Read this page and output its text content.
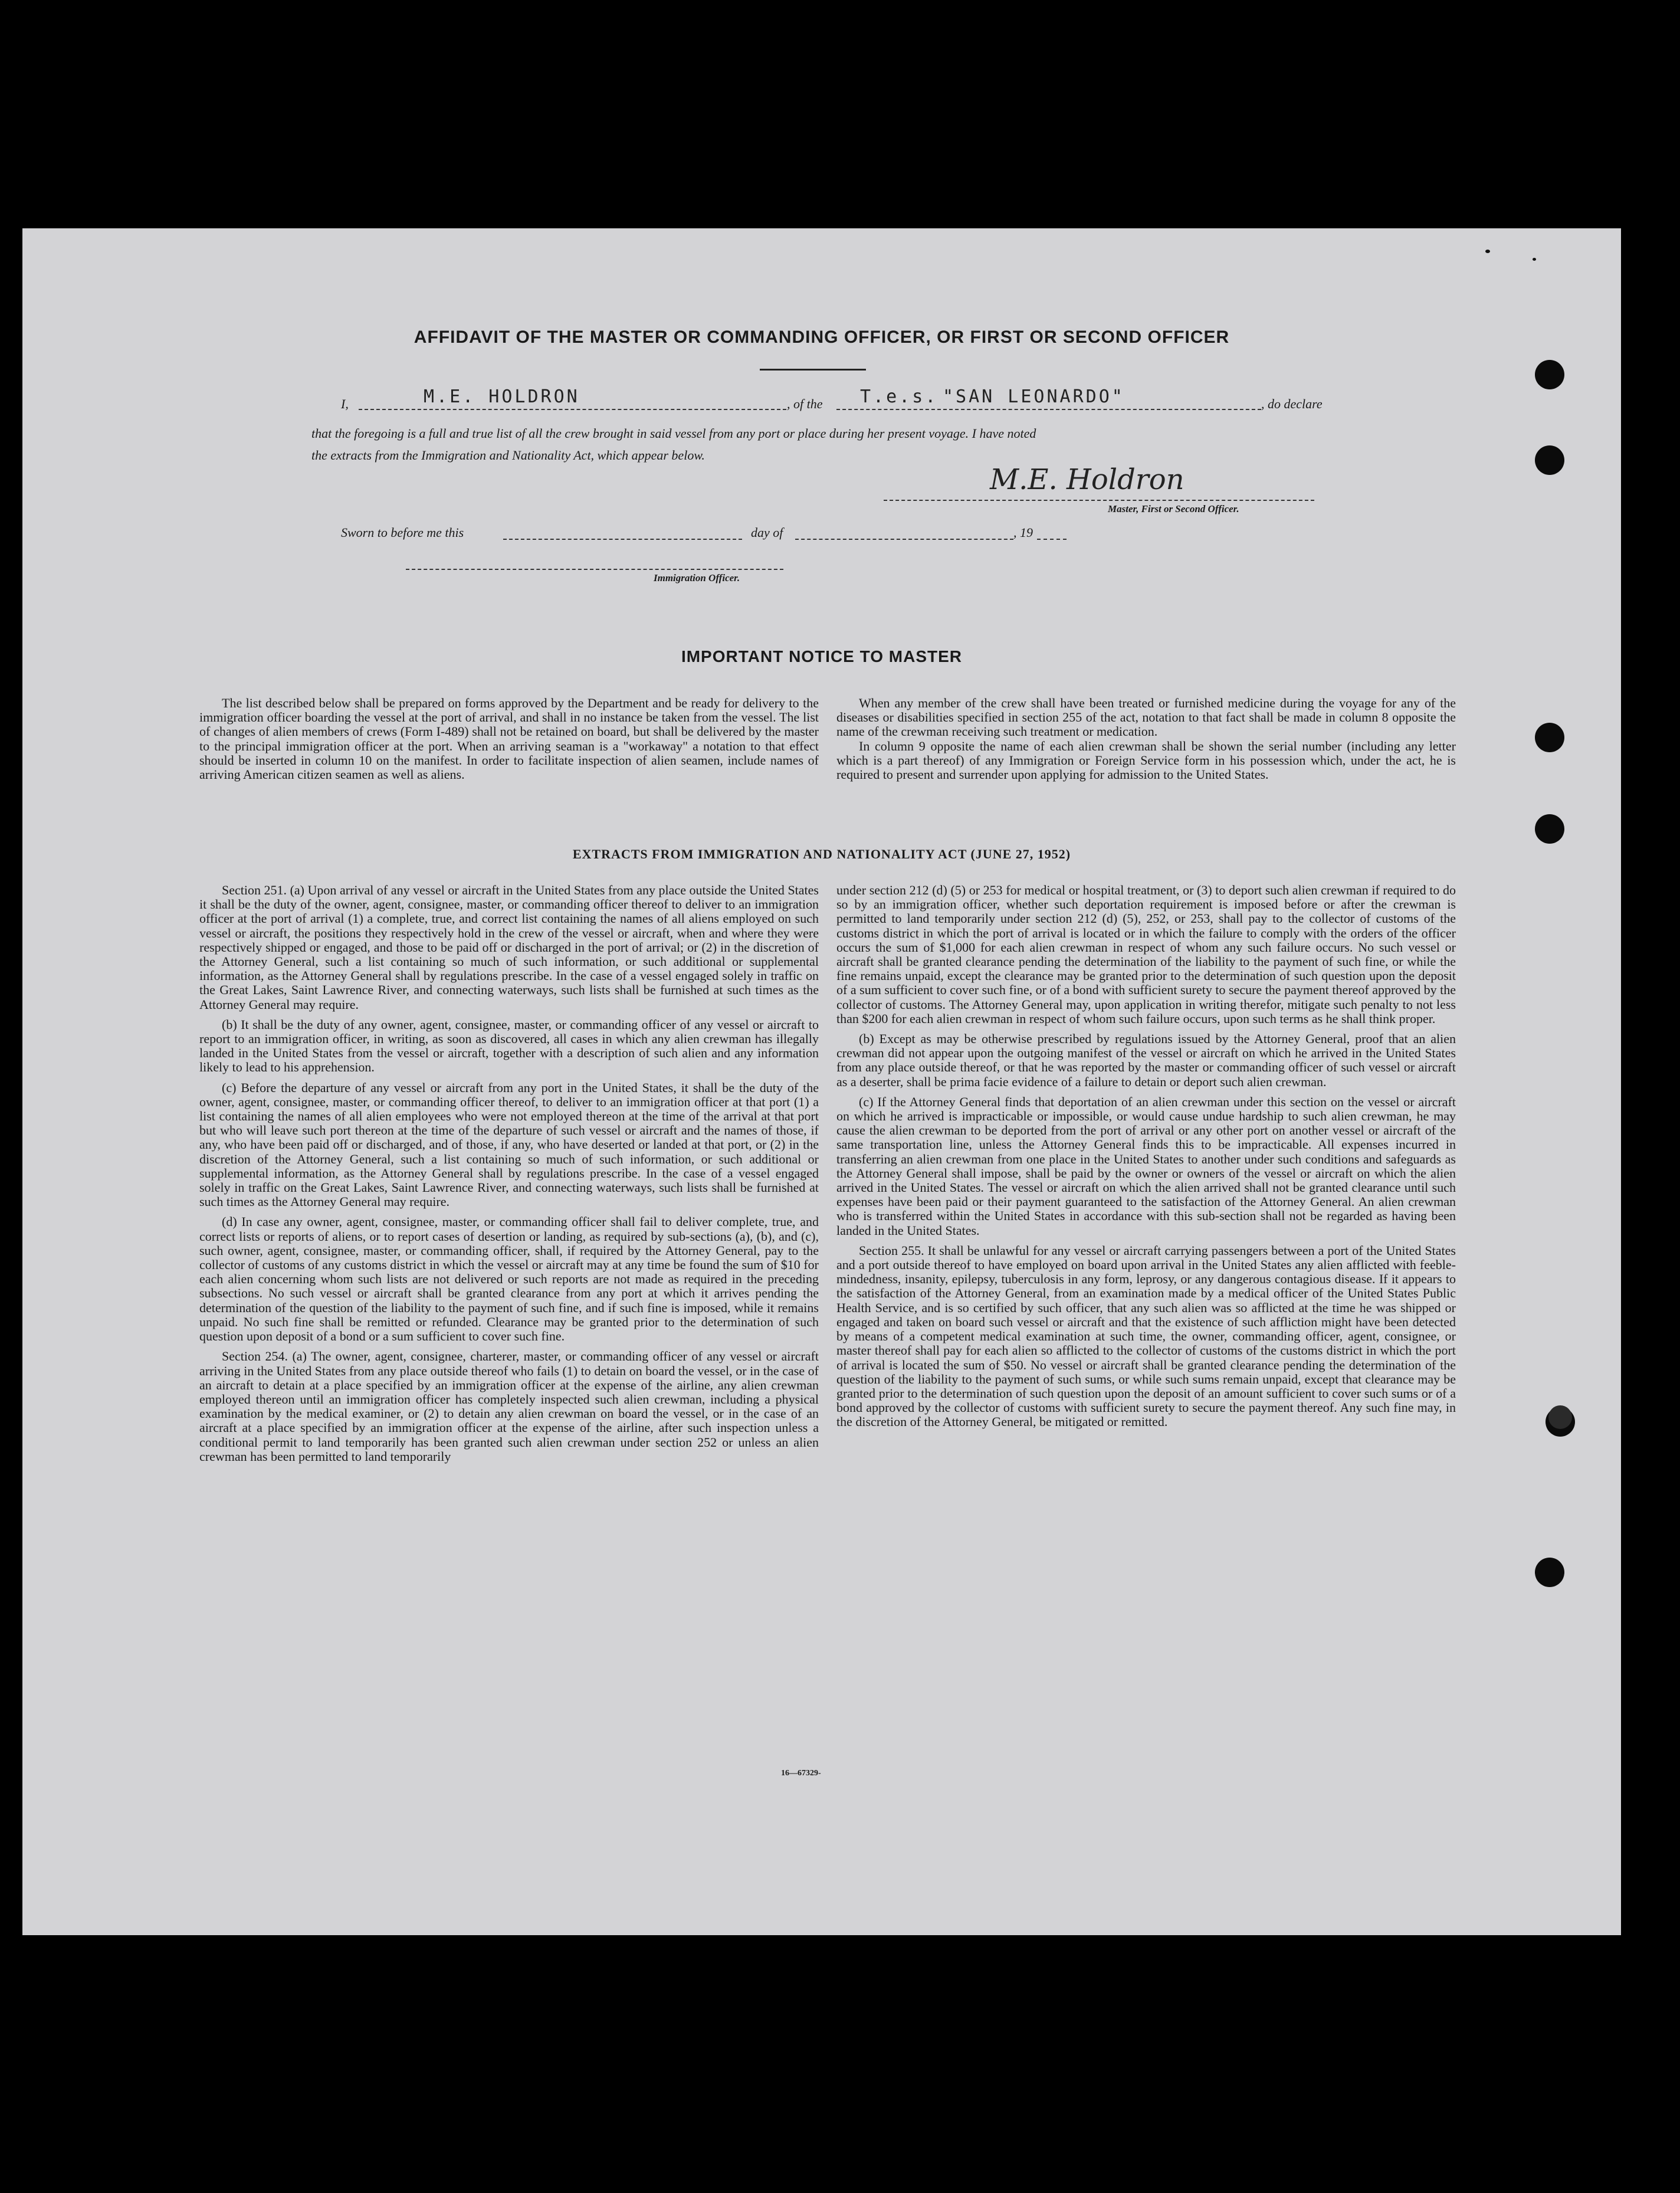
AFFIDAVIT OF THE MASTER OR COMMANDING OFFICER, OR FIRST OR SECOND OFFICER
I,	M.E. HOLDRON	, of the T.e.s. "SAN LEONARDO"	, do declare
that the foregoing is a full and true list of all the crew brought in said vessel from any port or place during her present voyage. I have noted
the extracts from the Immigration and Nationality Act, which appear below.
M.E. Holdron
Master, First or Second Officer.
Sworn to before me this	day of	, 19
Immigration Officer.
IMPORTANT NOTICE TO MASTER

The list described below shall be prepared on forms approved by the Department and be ready for delivery to the immigration officer boarding the vessel at the port of arrival, and shall in no instance be taken from the vessel. The list of changes of alien members of crews (Form I-489) shall not be retained on board, but shall be delivered by the master to the principal immigration officer at the port. When an arriving seaman is a "workaway" a notation to that effect should be inserted in column 10 on the manifest. In order to facilitate inspection of alien seamen, include names of arriving American citizen seamen as well as aliens.

When any member of the crew shall have been treated or furnished medicine during the voyage for any of the diseases or disabilities specified in section 255 of the act, notation to that fact shall be made in column 8 opposite the name of the crewman receiving such treatment or medication.

In column 9 opposite the name of each alien crewman shall be shown the serial number (including any letter which is a part thereof) of any Immigration or Foreign Service form in his possession which, under the act, he is required to present and surrender upon applying for admission to the United States.

EXTRACTS FROM IMMIGRATION AND NATIONALITY ACT (JUNE 27, 1952)

Section 251. (a) Upon arrival of any vessel or aircraft in the United States from any place outside the United States it shall be the duty of the owner, agent, consignee, master, or commanding officer thereof to deliver to an immigration officer at the port of arrival (1) a complete, true, and correct list containing the names of all aliens employed on such vessel or aircraft, the positions they respectively hold in the crew of the vessel or aircraft, when and where they were respectively shipped or engaged, and those to be paid off or discharged in the port of arrival; or (2) in the discretion of the Attorney General, such a list containing so much of such information, or such additional or supplemental information, as the Attorney General shall by regulations prescribe. In the case of a vessel engaged solely in traffic on the Great Lakes, Saint Lawrence River, and connecting waterways, such lists shall be furnished at such times as the Attorney General may require.

(b) It shall be the duty of any owner, agent, consignee, master, or commanding officer of any vessel or aircraft to report to an immigration officer, in writing, as soon as discovered, all cases in which any alien crewman has illegally landed in the United States from the vessel or aircraft, together with a description of such alien and any information likely to lead to his apprehension.

(c) Before the departure of any vessel or aircraft from any port in the United States, it shall be the duty of the owner, agent, consignee, master, or commanding officer thereof, to deliver to an immigration officer at that port (1) a list containing the names of all alien employees who were not employed thereon at the time of the arrival at that port but who will leave such port thereon at the time of the departure of such vessel or aircraft and the names of those, if any, who have been paid off or discharged, and of those, if any, who have deserted or landed at that port, or (2) in the discretion of the Attorney General, such a list containing so much of such information, or such additional or supplemental information, as the Attorney General shall by regulations prescribe. In the case of a vessel engaged solely in traffic on the Great Lakes, Saint Lawrence River, and connecting waterways, such lists shall be furnished at such times as the Attorney General may require.

(d) In case any owner, agent, consignee, master, or commanding officer shall fail to deliver complete, true, and correct lists or reports of aliens, or to report cases of desertion or landing, as required by sub-sections (a), (b), and (c), such owner, agent, consignee, master, or commanding officer, shall, if required by the Attorney General, pay to the collector of customs of any customs district in which the vessel or aircraft may at any time be found the sum of $10 for each alien concerning whom such lists are not delivered or such reports are not made as required in the preceding subsections. No such vessel or aircraft shall be granted clearance from any port at which it arrives pending the determination of the question of the liability to the payment of such fine, and if such fine is imposed, while it remains unpaid. No such fine shall be remitted or refunded. Clearance may be granted prior to the determination of such question upon deposit of a bond or a sum sufficient to cover such fine.

Section 254. (a) The owner, agent, consignee, charterer, master, or commanding officer of any vessel or aircraft arriving in the United States from any place outside thereof who fails (1) to detain on board the vessel, or in the case of an aircraft to detain at a place specified by an immigration officer at the expense of the airline, any alien crewman employed thereon until an immigration officer has completely inspected such alien crewman, including a physical examination by the medical examiner, or (2) to detain any alien crewman on board the vessel, or in the case of an aircraft at a place specified by an immigration officer at the expense of the airline, after such inspection unless a conditional permit to land temporarily has been granted such alien crewman under section 252 or unless an alien crewman has been permitted to land temporarily

under section 212 (d) (5) or 253 for medical or hospital treatment, or (3) to deport such alien crewman if required to do so by an immigration officer, whether such deportation requirement is imposed before or after the crewman is permitted to land temporarily under section 212 (d) (5), 252, or 253, shall pay to the collector of customs of the customs district in which the port of arrival is located or in which the failure to comply with the orders of the officer occurs the sum of $1,000 for each alien crewman in respect of whom any such failure occurs. No such vessel or aircraft shall be granted clearance pending the determination of the liability to the payment of such fine, or while the fine remains unpaid, except the clearance may be granted prior to the determination of such question upon the deposit of a sum sufficient to cover such fine, or of a bond with sufficient surety to secure the payment thereof approved by the collector of customs. The Attorney General may, upon application in writing therefor, mitigate such penalty to not less than $200 for each alien crewman in respect of whom such failure occurs, upon such terms as he shall think proper.

(b) Except as may be otherwise prescribed by regulations issued by the Attorney General, proof that an alien crewman did not appear upon the outgoing manifest of the vessel or aircraft on which he arrived in the United States from any place outside thereof, or that he was reported by the master or commanding officer of such vessel or aircraft as a deserter, shall be prima facie evidence of a failure to detain or deport such alien crewman.

(c) If the Attorney General finds that deportation of an alien crewman under this section on the vessel or aircraft on which he arrived is impracticable or impossible, or would cause undue hardship to such alien crewman, he may cause the alien crewman to be deported from the port of arrival or any other port on another vessel or aircraft of the same transportation line, unless the Attorney General finds this to be impracticable. All expenses incurred in transferring an alien crewman from one place in the United States to another under such conditions and safeguards as the Attorney General shall impose, shall be paid by the owner or owners of the vessel or aircraft on which the alien arrived in the United States. The vessel or aircraft on which the alien arrived shall not be granted clearance until such expenses have been paid or their payment guaranteed to the satisfaction of the Attorney General. An alien crewman who is transferred within the United States in accordance with this sub-section shall not be regarded as having been landed in the United States.

Section 255. It shall be unlawful for any vessel or aircraft carrying passengers between a port of the United States and a port outside thereof to have employed on board upon arrival in the United States any alien afflicted with feeble-mindedness, insanity, epilepsy, tuberculosis in any form, leprosy, or any dangerous contagious disease. If it appears to the satisfaction of the Attorney General, from an examination made by a medical officer of the United States Public Health Service, and is so certified by such officer, that any such alien was so afflicted at the time he was shipped or engaged and taken on board such vessel or aircraft and that the existence of such affliction might have been detected by means of a competent medical examination at such time, the owner, commanding officer, agent, consignee, or master thereof shall pay for each alien so afflicted to the collector of customs of the customs district in which the port of arrival is located the sum of $50. No vessel or aircraft shall be granted clearance pending the determination of the question of the liability to the payment of such sums, or while such sums remain unpaid, except that clearance may be granted prior to the determination of such question upon the deposit of an amount sufficient to cover such sums or of a bond approved by the collector of customs with sufficient surety to secure the payment thereof. Any such fine may, in the discretion of the Attorney General, be mitigated or remitted.

16—67329-
